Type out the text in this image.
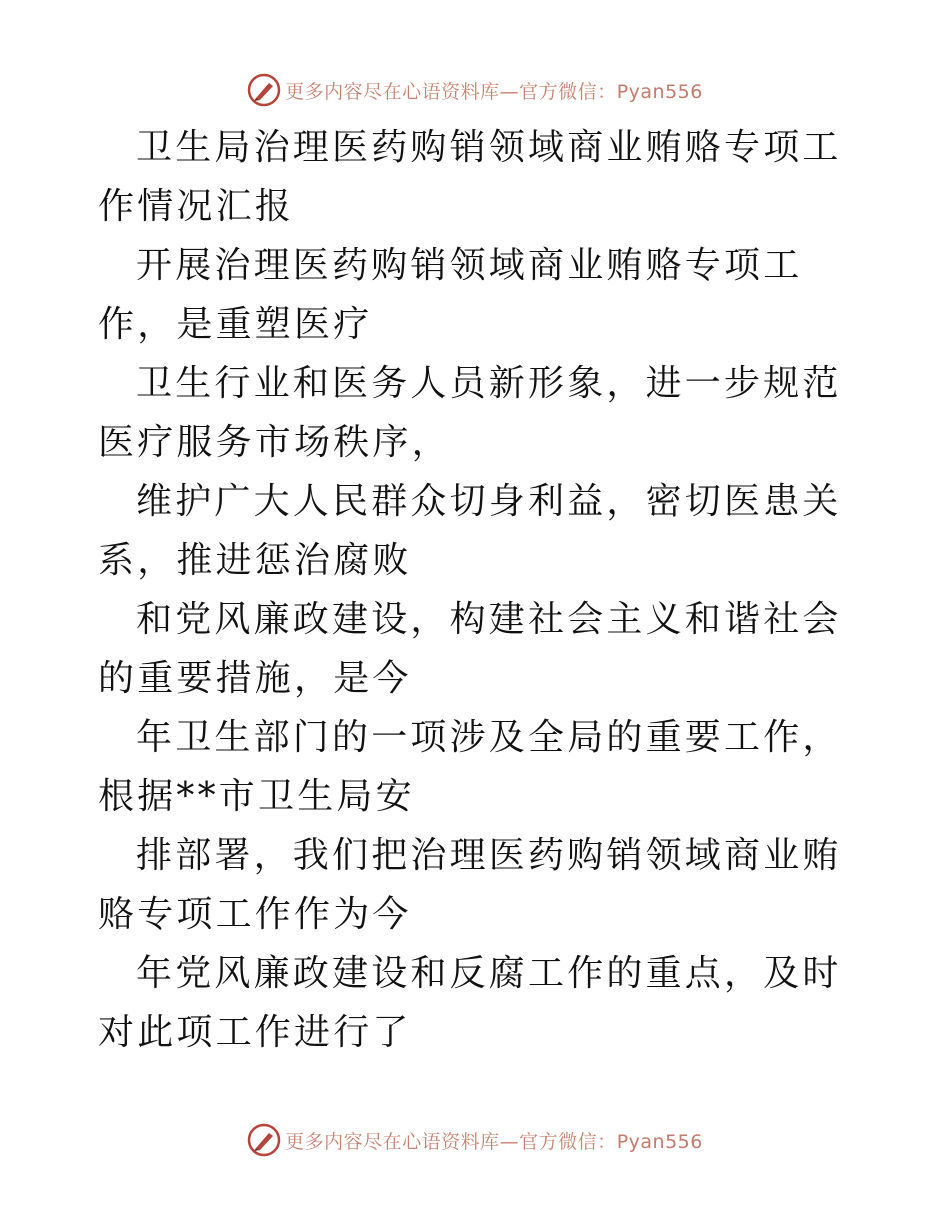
更多内容尽在心语资料库—官方微信：Pyan556

卫生局治理医药购销领域商业贿赂专项工作情况汇报

开展治理医药购销领域商业贿赂专项工作，是重塑医疗

卫生行业和医务人员新形象，进一步规范医疗服务市场秩序，

维护广大人民群众切身利益，密切医患关系，推进惩治腐败

和党风廉政建设，构建社会主义和谐社会的重要措施，是今

年卫生部门的一项涉及全局的重要工作，根据**市卫生局安

排部署，我们把治理医药购销领域商业贿赂专项工作作为今

年党风廉政建设和反腐工作的重点，及时对此项工作进行了

更多内容尽在心语资料库—官方微信：Pyan556
